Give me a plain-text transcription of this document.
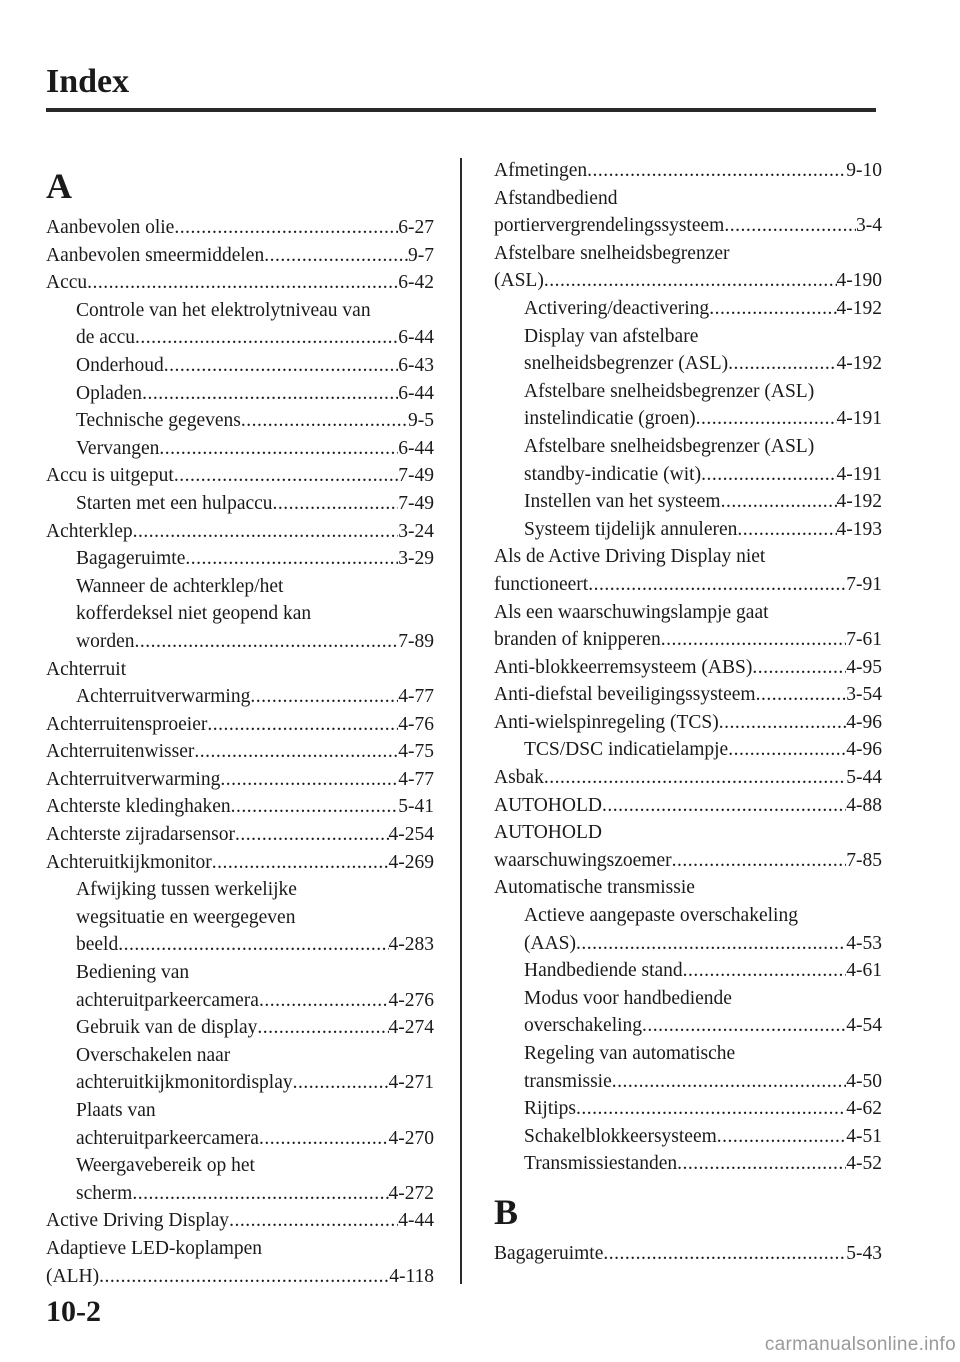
Index
A
Aanbevolen olie .....	6-27
Aanbevolen smeermiddelen .....	9-7
Accu .....	6-42
Controle van het elektrolytniveau van
de accu .....	6-44
Onderhoud .....	6-43
Opladen .....	6-44
Technische gegevens .....	9-5
Vervangen .....	6-44
Accu is uitgeput .....	7-49
Starten met een hulpaccu .....	7-49
Achterklep .....	3-24
Bagageruimte .....	3-29
Wanneer de achterklep/het
kofferdeksel niet geopend kan
worden .....	7-89
Achterruit
Achterruitverwarming .....	4-77
Achterruitensproeier .....	4-76
Achterruitenwisser .....	4-75
Achterruitverwarming .....	4-77
Achterste kledinghaken .....	5-41
Achterste zijradarsensor .....	4-254
Achteruitkijkmonitor .....	4-269
Afwijking tussen werkelijke
wegsituatie en weergegeven
beeld .....	4-283
Bediening van
achteruitparkeercamera .....	4-276
Gebruik van de display .....	4-274
Overschakelen naar
achteruitkijkmonitordisplay .....	4-271
Plaats van
achteruitparkeercamera .....	4-270
Weergavebereik op het
scherm .....	4-272
Active Driving Display .....	4-44
Adaptieve LED-koplampen
(ALH) .....	4-118
Afmetingen .....	9-10
Afstandbediend
portiervergrendelingssysteem .....	3-4
Afstelbare snelheidsbegrenzer
(ASL) .....	4-190
Activering/deactivering .....	4-192
Display van afstelbare
snelheidsbegrenzer (ASL) .....	4-192
Afstelbare snelheidsbegrenzer (ASL)
instelindicatie (groen) .....	4-191
Afstelbare snelheidsbegrenzer (ASL)
standby-indicatie (wit) .....	4-191
Instellen van het systeem .....	4-192
Systeem tijdelijk annuleren .....	4-193
Als de Active Driving Display niet
functioneert .....	7-91
Als een waarschuwingslampje gaat
branden of knipperen .....	7-61
Anti-blokkeerremsysteem (ABS) .....	4-95
Anti-diefstal beveiligingssysteem .....	3-54
Anti-wielspinregeling (TCS) .....	4-96
TCS/DSC indicatielampje .....	4-96
Asbak .....	5-44
AUTOHOLD .....	4-88
AUTOHOLD
waarschuwingszoemer .....	7-85
Automatische transmissie
Actieve aangepaste overschakeling
(AAS) .....	4-53
Handbediende stand .....	4-61
Modus voor handbediende
overschakeling .....	4-54
Regeling van automatische
transmissie .....	4-50
Rijtips .....	4-62
Schakelblokkeersysteem .....	4-51
Transmissiestanden .....	4-52
B
Bagageruimte .....	5-43

10-2

carmanualsonline.info
